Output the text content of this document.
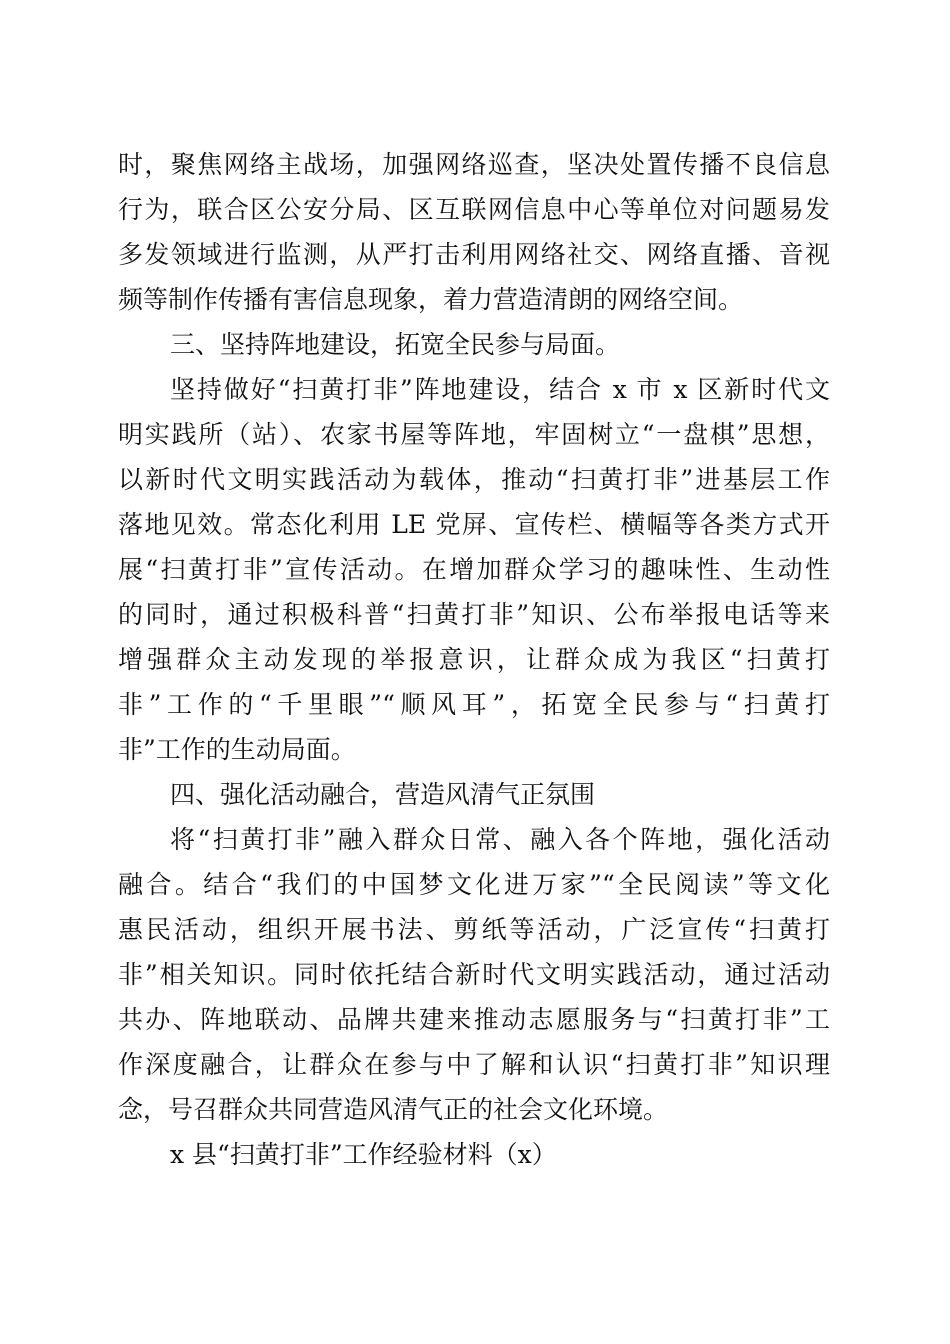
时，聚焦网络主战场，加强网络巡查，坚决处置传播不良信息
行为，联合区公安分局、区互联网信息中心等单位对问题易发
多发领域进行监测，从严打击利用网络社交、网络直播、音视
频等制作传播有害信息现象，着力营造清朗的网络空间。
三、坚持阵地建设，拓宽全民参与局面。
坚持做好“扫黄打非”阵地建设，结合 x 市 x 区新时代文
明实践所（站）、农家书屋等阵地，牢固树立“一盘棋”思想，
以新时代文明实践活动为载体，推动“扫黄打非”进基层工作
落地见效。常态化利用 LE 党屏、宣传栏、横幅等各类方式开
展“扫黄打非”宣传活动。在增加群众学习的趣味性、生动性
的同时，通过积极科普“扫黄打非”知识、公布举报电话等来
增强群众主动发现的举报意识，让群众成为我区“扫黄打
非”工作的“千里眼”“顺风耳”，拓宽全民参与“扫黄打
非”工作的生动局面。
四、强化活动融合，营造风清气正氛围
将“扫黄打非”融入群众日常、融入各个阵地，强化活动
融合。结合“我们的中国梦文化进万家”“全民阅读”等文化
惠民活动，组织开展书法、剪纸等活动，广泛宣传“扫黄打
非”相关知识。同时依托结合新时代文明实践活动，通过活动
共办、阵地联动、品牌共建来推动志愿服务与“扫黄打非”工
作深度融合，让群众在参与中了解和认识“扫黄打非”知识理
念，号召群众共同营造风清气正的社会文化环境。
x 县“扫黄打非”工作经验材料（x）
